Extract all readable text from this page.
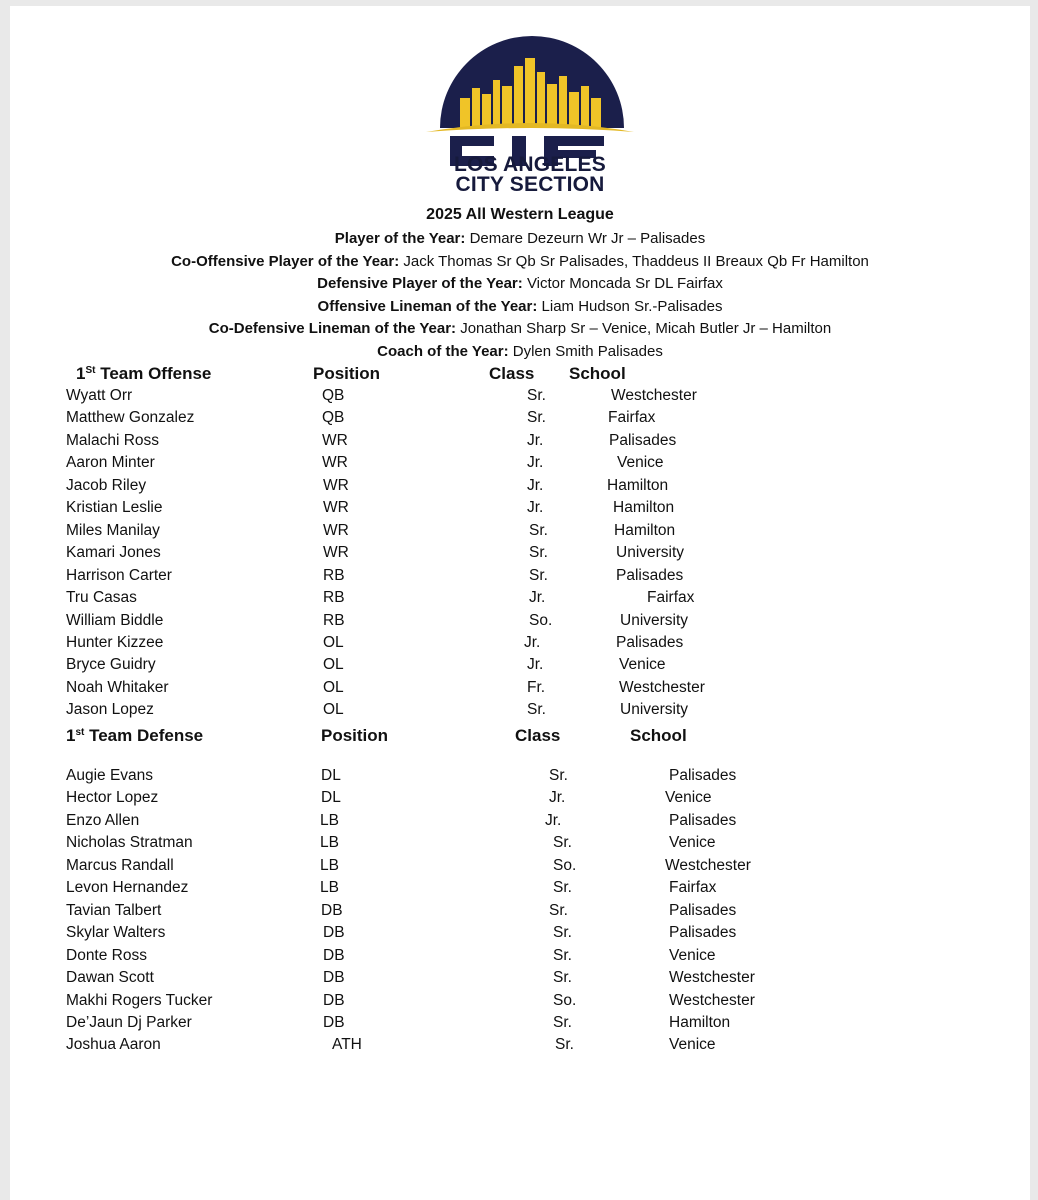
LOS ANGELES
CITY SECTION
2025 All Western League
Player of the Year: Demare Dezeurn Wr Jr – Palisades
Co-Offensive Player of the Year: Jack Thomas Sr Qb Sr Palisades, Thaddeus II Breaux Qb Fr Hamilton
Defensive Player of the Year: Victor Moncada Sr DL Fairfax
Offensive Lineman of the Year: Liam Hudson Sr.-Palisades
Co-Defensive Lineman of the Year: Jonathan Sharp Sr – Venice, Micah Butler Jr – Hamilton
Coach of the Year: Dylen Smith Palisades
1St Team Offense	Position	Class School
Wyatt Orr	QB	Sr.	Westchester
Matthew Gonzalez	QB	Sr.	Fairfax
Malachi Ross	WR	Jr.	Palisades
Aaron Minter	WR	Jr.	Venice
Jacob Riley	WR	Jr.	Hamilton
Kristian Leslie	WR	Jr.	Hamilton
Miles Manilay	WR	Sr.	Hamilton
Kamari Jones	WR	Sr.	University
Harrison Carter	RB	Sr.	Palisades
Tru Casas	RB	Jr.	Fairfax
William Biddle	RB	So.	University
Hunter Kizzee	OL	Jr.	Palisades
Bryce Guidry	OL	Jr.	Venice
Noah Whitaker	OL	Fr.	Westchester
Jason Lopez	OL	Sr.	University
1st Team Defense	Position	Class	School
Augie Evans	DL	Sr.	Palisades
Hector Lopez	DL	Jr.	Venice
Enzo Allen	LB	Jr.	Palisades
Nicholas Stratman	LB	Sr.	Venice
Marcus Randall	LB	So.	Westchester
Levon Hernandez	LB	Sr.	Fairfax
Tavian Talbert	DB	Sr.	Palisades
Skylar Walters	DB	Sr.	Palisades
Donte Ross	DB	Sr.	Venice
Dawan Scott	DB	Sr.	Westchester
Makhi Rogers Tucker	DB	So.	Westchester
De’Jaun Dj Parker	DB	Sr.	Hamilton
Joshua Aaron	ATH	Sr.	Venice
